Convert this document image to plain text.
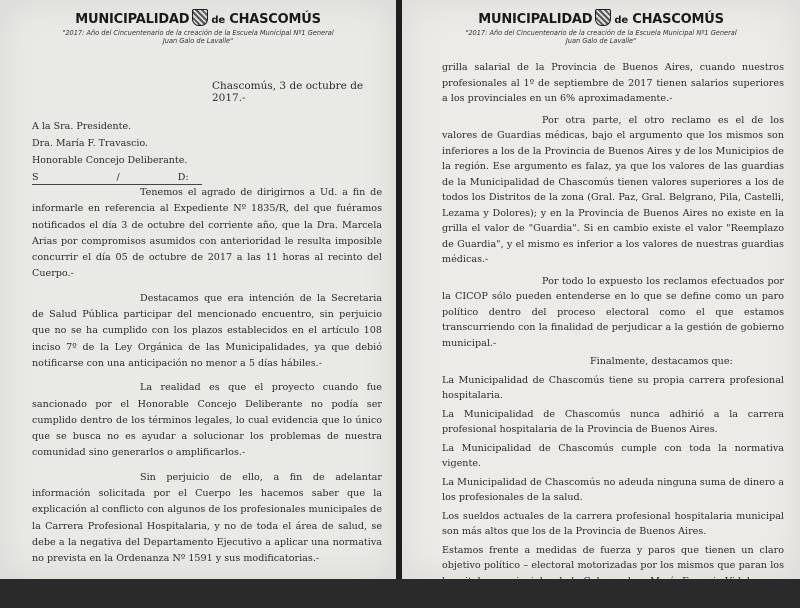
MUNICIPALIDAD de CHASCOMÚS
"2017: Año del Cincuentenario de la creación de la Escuela Municipal Nº1 General
Juan Galo de Lavalle"
Chascomús, 3 de octubre de 2017.-
A la Sra. Presidente.
Dra. María F. Travascio.
Honorable Concejo Deliberante.
S	/	D:

Tenemos el agrado de dirigirnos a Ud. a fin de informarle en referencia al Expediente Nº 1835/R, del que fuéramos notificados el día 3 de octubre del corriente año, que la Dra. Marcela Arias por compromisos asumidos con anterioridad le resulta imposible concurrir el día 05 de octubre de 2017 a las 11 horas al recinto del Cuerpo.-

Destacamos que era intención de la Secretaria de Salud Pública participar del mencionado encuentro, sin perjuicio que no se ha cumplido con los plazos establecidos en el artículo 108 inciso 7º de la Ley Orgánica de las Municipalidades, ya que debió notificarse con una anticipación no menor a 5 días hábiles.-

La realidad es que el proyecto cuando fue sancionado por el Honorable Concejo Deliberante no podía ser cumplido dentro de los términos legales, lo cual evidencia que lo único que se busca no es ayudar a solucionar los problemas de nuestra comunidad sino generarlos o amplificarlos.-

Sin perjuicio de ello, a fin de adelantar información solicitada por el Cuerpo les hacemos saber que la explicación al conflicto con algunos de los profesionales municipales de la Carrera Profesional Hospitalaria, y no de toda el área de salud, se debe a la negativa del Departamento Ejecutivo a aplicar una normativa no prevista en la Ordenanza Nº 1591 y sus modificatorias.-

Ponemos de resalto que la CICOP ha planteado que le paguemos los sueldos y bonificaciones de acuerdo a la

MUNICIPALIDAD de CHASCOMÚS
"2017: Año del Cincuentenario de la creación de la Escuela Municipal Nº1 General
Juan Galo de Lavalle"

grilla salarial de la Provincia de Buenos Aires, cuando nuestros profesionales al 1º de septiembre de 2017 tienen salarios superiores a los provinciales en un 6% aproximadamente.-

Por otra parte, el otro reclamo es el de los valores de Guardias médicas, bajo el argumento que los mismos son inferiores a los de la Provincia de Buenos Aires y de los Municipios de la región. Ese argumento es falaz, ya que los valores de las guardias de la Municipalidad de Chascomús tienen valores superiores a los de todos los Distritos de la zona (Gral. Paz, Gral. Belgrano, Pila, Castelli, Lezama y Dolores); y en la Provincia de Buenos Aires no existe en la grilla el valor de "Guardia". Si en cambio existe el valor "Reemplazo de Guardia", y el mismo es inferior a los valores de nuestras guardias médicas.-

Por todo lo expuesto los reclamos efectuados por la CICOP sólo pueden entenderse en lo que se define como un paro político dentro del proceso electoral como el que estamos transcurriendo con la finalidad de perjudicar a la gestión de gobierno municipal.-

Finalmente, destacamos que:

La Municipalidad de Chascomús tiene su propia carrera profesional hospitalaria.

La Municipalidad de Chascomús nunca adhirió a la carrera profesional hospitalaria de la Provincia de Buenos Aires.

La Municipalidad de Chascomús cumple con toda la normativa vigente.

La Municipalidad de Chascomús no adeuda ninguna suma de dinero a los profesionales de la salud.

Los sueldos actuales de la carrera profesional hospitalaria municipal son más altos que los de la Provincia de Buenos Aires.

Estamos frente a medidas de fuerza y paros que tienen un claro objetivo político – electoral motorizadas por los mismos que paran los hospitales provinciales de la Gobernadora María Eugenia Vidal.
